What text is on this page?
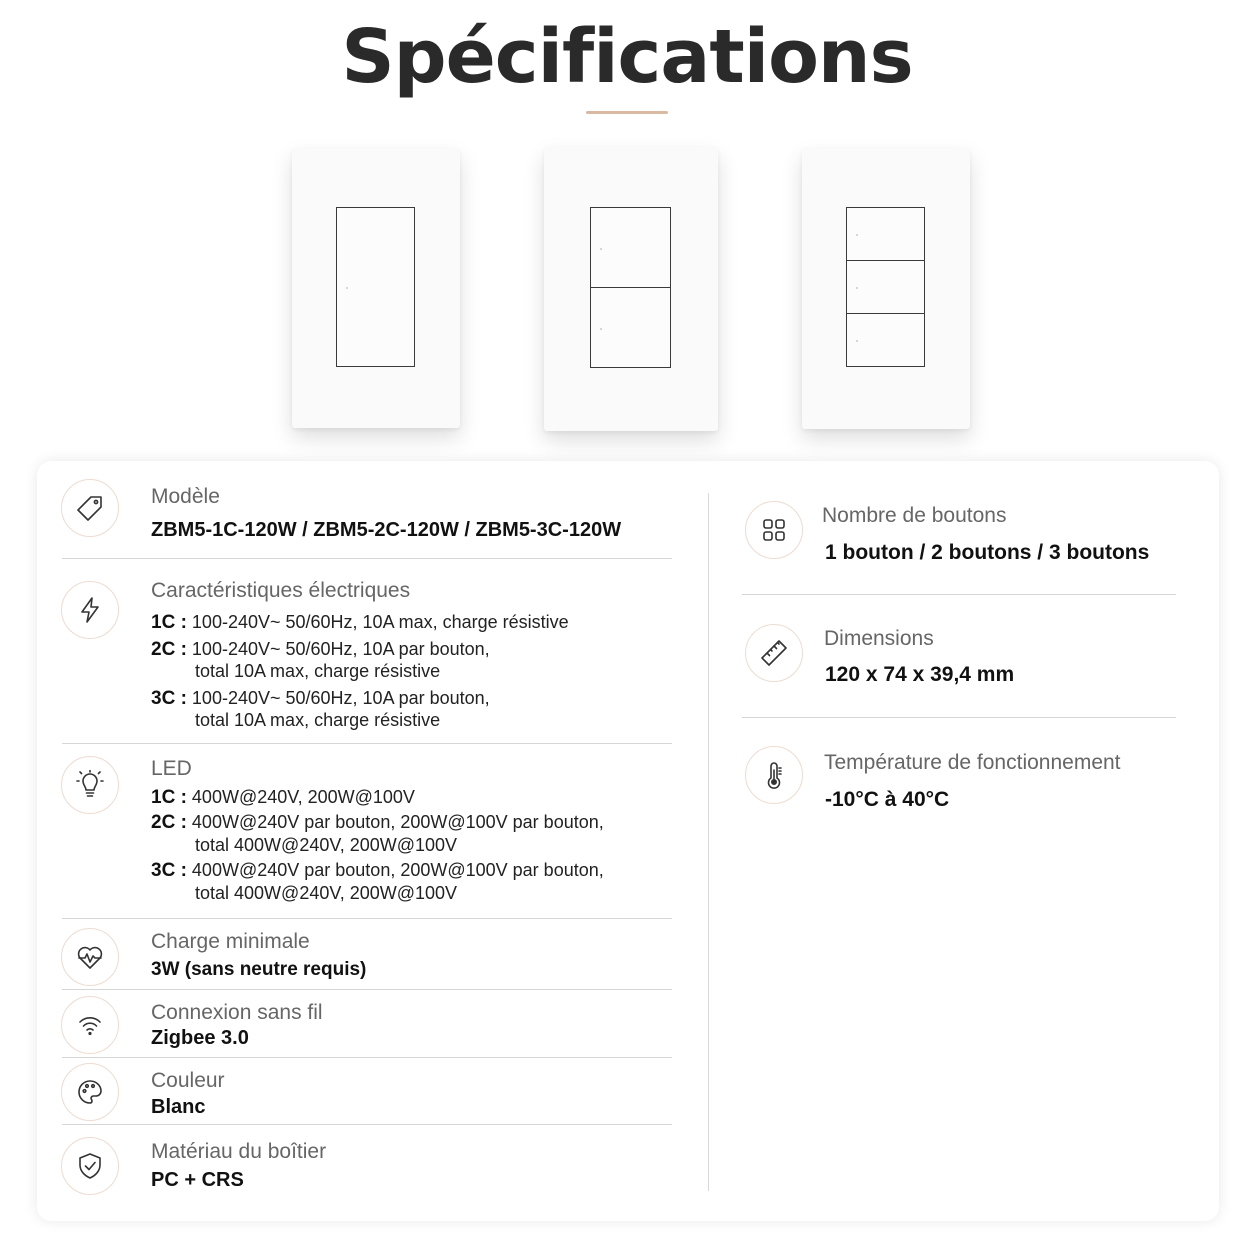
Spécifications
Modèle
ZBM5-1C-120W / ZBM5-2C-120W / ZBM5-3C-120W
Caractéristiques électriques
1C : 100-240V~ 50/60Hz, 10A max, charge résistive
2C : 100-240V~ 50/60Hz, 10A par bouton,
total 10A max, charge résistive
3C : 100-240V~ 50/60Hz, 10A par bouton,
total 10A max, charge résistive
LED
1C : 400W@240V, 200W@100V
2C : 400W@240V par bouton, 200W@100V par bouton,
total 400W@240V, 200W@100V
3C : 400W@240V par bouton, 200W@100V par bouton,
total 400W@240V, 200W@100V
Charge minimale
3W (sans neutre requis)
Connexion sans fil
Zigbee 3.0
Couleur
Blanc
Matériau du boîtier
PC + CRS
Nombre de boutons
1 bouton / 2 boutons / 3 boutons
Dimensions
120 x 74 x 39,4 mm
Température de fonctionnement
-10°C à 40°C
